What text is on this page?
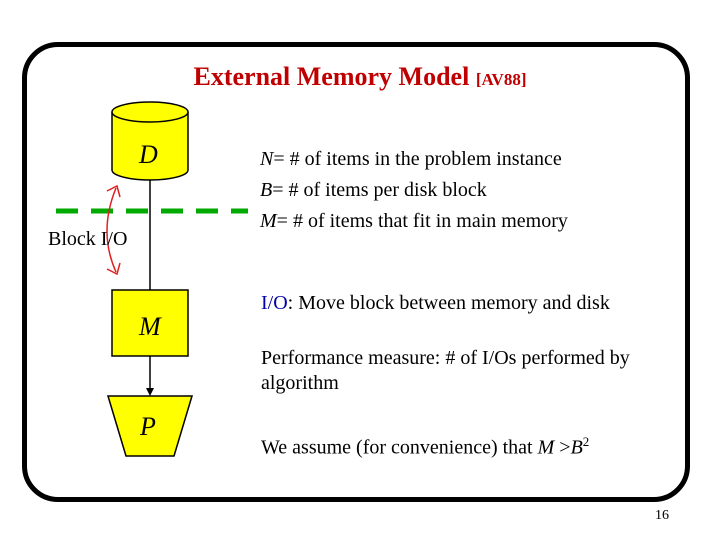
External Memory Model [AV88]
D
M
P
Block I/O
N= # of items in the problem instance
B= # of items per disk block
M= # of items that fit in main memory
I/O: Move block between memory and disk
Performance measure: # of I/Os performed by algorithm
We assume (for convenience) that $M >B^2$
16
